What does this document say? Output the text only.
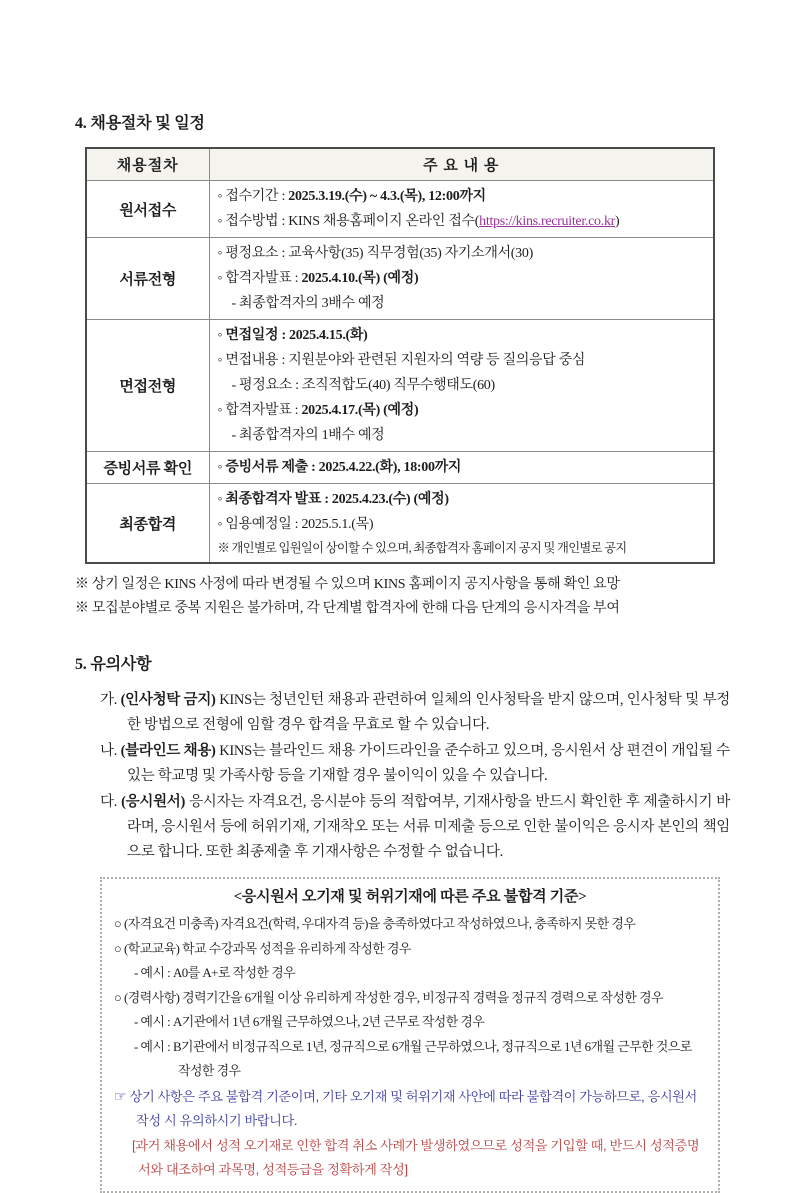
4. 채용절차 및 일정
채용절차	주 요 내 용
원서접수	◦ 접수기간 : 2025.3.19.(수) ~ 4.3.(목), 12:00까지
◦ 접수방법 : KINS 채용홈페이지 온라인 접수(https://kins.recruiter.co.kr)

서류전형	◦ 평정요소 : 교육사항(35) 직무경험(35) 자기소개서(30)
◦ 합격자발표 : 2025.4.10.(목) (예정)
- 최종합격자의 3배수 예정

면접전형	◦ 면접일정 : 2025.4.15.(화)
◦ 면접내용 : 지원분야와 관련된 지원자의 역량 등 질의응답 중심
- 평정요소 : 조직적합도(40) 직무수행태도(60)
◦ 합격자발표 : 2025.4.17.(목) (예정)
- 최종합격자의 1배수 예정

증빙서류 확인	◦ 증빙서류 제출 : 2025.4.22.(화), 18:00까지

최종합격	◦ 최종합격자 발표 : 2025.4.23.(수) (예정)
◦ 임용예정일 : 2025.5.1.(목)
※ 개인별로 입원일이 상이할 수 있으며, 최종합격자 홈페이지 공지 및 개인별로 공지
※ 상기 일정은 KINS 사정에 따라 변경될 수 있으며 KINS 홈페이지 공지사항을 통해 확인 요망
※ 모집분야별로 중복 지원은 불가하며, 각 단계별 합격자에 한해 다음 단계의 응시자격을 부여
5. 유의사항
가. (인사청탁 금지) KINS는 청년인턴 채용과 관련하여 일체의 인사청탁을 받지 않으며, 인사청탁 및 부정한 방법으로 전형에 임할 경우 합격을 무효로 할 수 있습니다.
나. (블라인드 채용) KINS는 블라인드 채용 가이드라인을 준수하고 있으며, 응시원서 상 편견이 개입될 수 있는 학교명 및 가족사항 등을 기재할 경우 불이익이 있을 수 있습니다.
다. (응시원서) 응시자는 자격요건, 응시분야 등의 적합여부, 기재사항을 반드시 확인한 후 제출하시기 바라며, 응시원서 등에 허위기재, 기재착오 또는 서류 미제출 등으로 인한 불이익은 응시자 본인의 책임으로 합니다. 또한 최종제출 후 기재사항은 수정할 수 없습니다.
<응시원서 오기재 및 허위기재에 따른 주요 불합격 기준>
○ (자격요건 미충족) 자격요건(학력, 우대자격 등)을 충족하였다고 작성하였으나, 충족하지 못한 경우
○ (학교교육) 학교 수강과목 성적을 유리하게 작성한 경우
- 예시 : A0를 A+로 작성한 경우
○ (경력사항) 경력기간을 6개월 이상 유리하게 작성한 경우, 비정규직 경력을 정규직 경력으로 작성한 경우
- 예시 : A기관에서 1년 6개월 근무하였으나, 2년 근무로 작성한 경우
- 예시 : B기관에서 비정규직으로 1년, 정규직으로 6개월 근무하였으나, 정규직으로 1년 6개월 근무한 것으로 작성한 경우
☞ 상기 사항은 주요 불합격 기준이며, 기타 오기재 및 허위기재 사안에 따라 불합격이 가능하므로, 응시원서 작성 시 유의하시기 바랍니다.
[과거 채용에서 성적 오기재로 인한 합격 취소 사례가 발생하였으므로 성적을 기입할 때, 반드시 성적증명서와 대조하여 과목명, 성적등급을 정확하게 작성]
